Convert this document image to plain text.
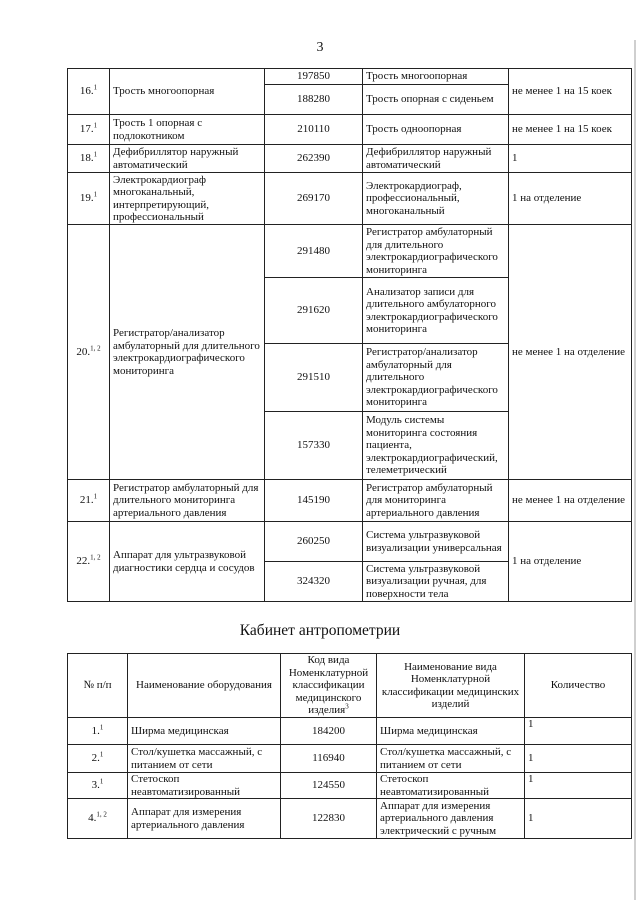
3
16.$^1$	Трость многоопорная	197850	Трость многоопорная	не менее 1 на 15 коек
		188280	Трость опорная с сиденьем	
17.$^1$	Трость 1 опорная с подлокотником	210110	Трость одноопорная	не менее 1 на 15 коек
18.$^1$	Дефибриллятор наружный автоматический	262390	Дефибриллятор наружный автоматический	1
19.$^1$	Электрокардиограф многоканальный, интерпретирующий, профессиональный	269170	Электрокардиограф, профессиональный, многоканальный	1 на отделение
20.$^{1, 2}$	Регистратор/анализатор амбулаторный для длительного электрокардиографического мониторинга	291480	Регистратор амбулаторный для длительного электрокардиографического мониторинга	не менее 1 на отделение
		291620	Анализатор записи для длительного амбулаторного электрокардиографического мониторинга	
		291510	Регистратор/анализатор амбулаторный для длительного электрокардиографического мониторинга	
		157330	Модуль системы мониторинга состояния пациента, электрокардиографический, телеметрический	
21.$^1$	Регистратор амбулаторный для длительного мониторинга артериального давления	145190	Регистратор амбулаторный для мониторинга артериального давления	не менее 1 на отделение
22.$^{1, 2}$	Аппарат для ультразвуковой диагностики сердца и сосудов	260250	Система ультразвуковой визуализации универсальная	1 на отделение
		324320	Система ультразвуковой визуализации ручная, для поверхности тела	
Кабинет антропометрии
№ п/п	Наименование оборудования	Код вида Номенклатурной классификации медицинского изделия$^3$	Наименование вида Номенклатурной классификации медицинских изделий	Количество
1.$^1$	Ширма медицинская	184200	Ширма медицинская	1
2.$^1$	Стол/кушетка массажный, с питанием от сети	116940	Стол/кушетка массажный, с питанием от сети	1
3.$^1$	Стетоскоп неавтоматизированный	124550	Стетоскоп неавтоматизированный	1
4.$^{1, 2}$	Аппарат для измерения артериального давления	122830	Аппарат для измерения артериального давления электрический с ручным	1
